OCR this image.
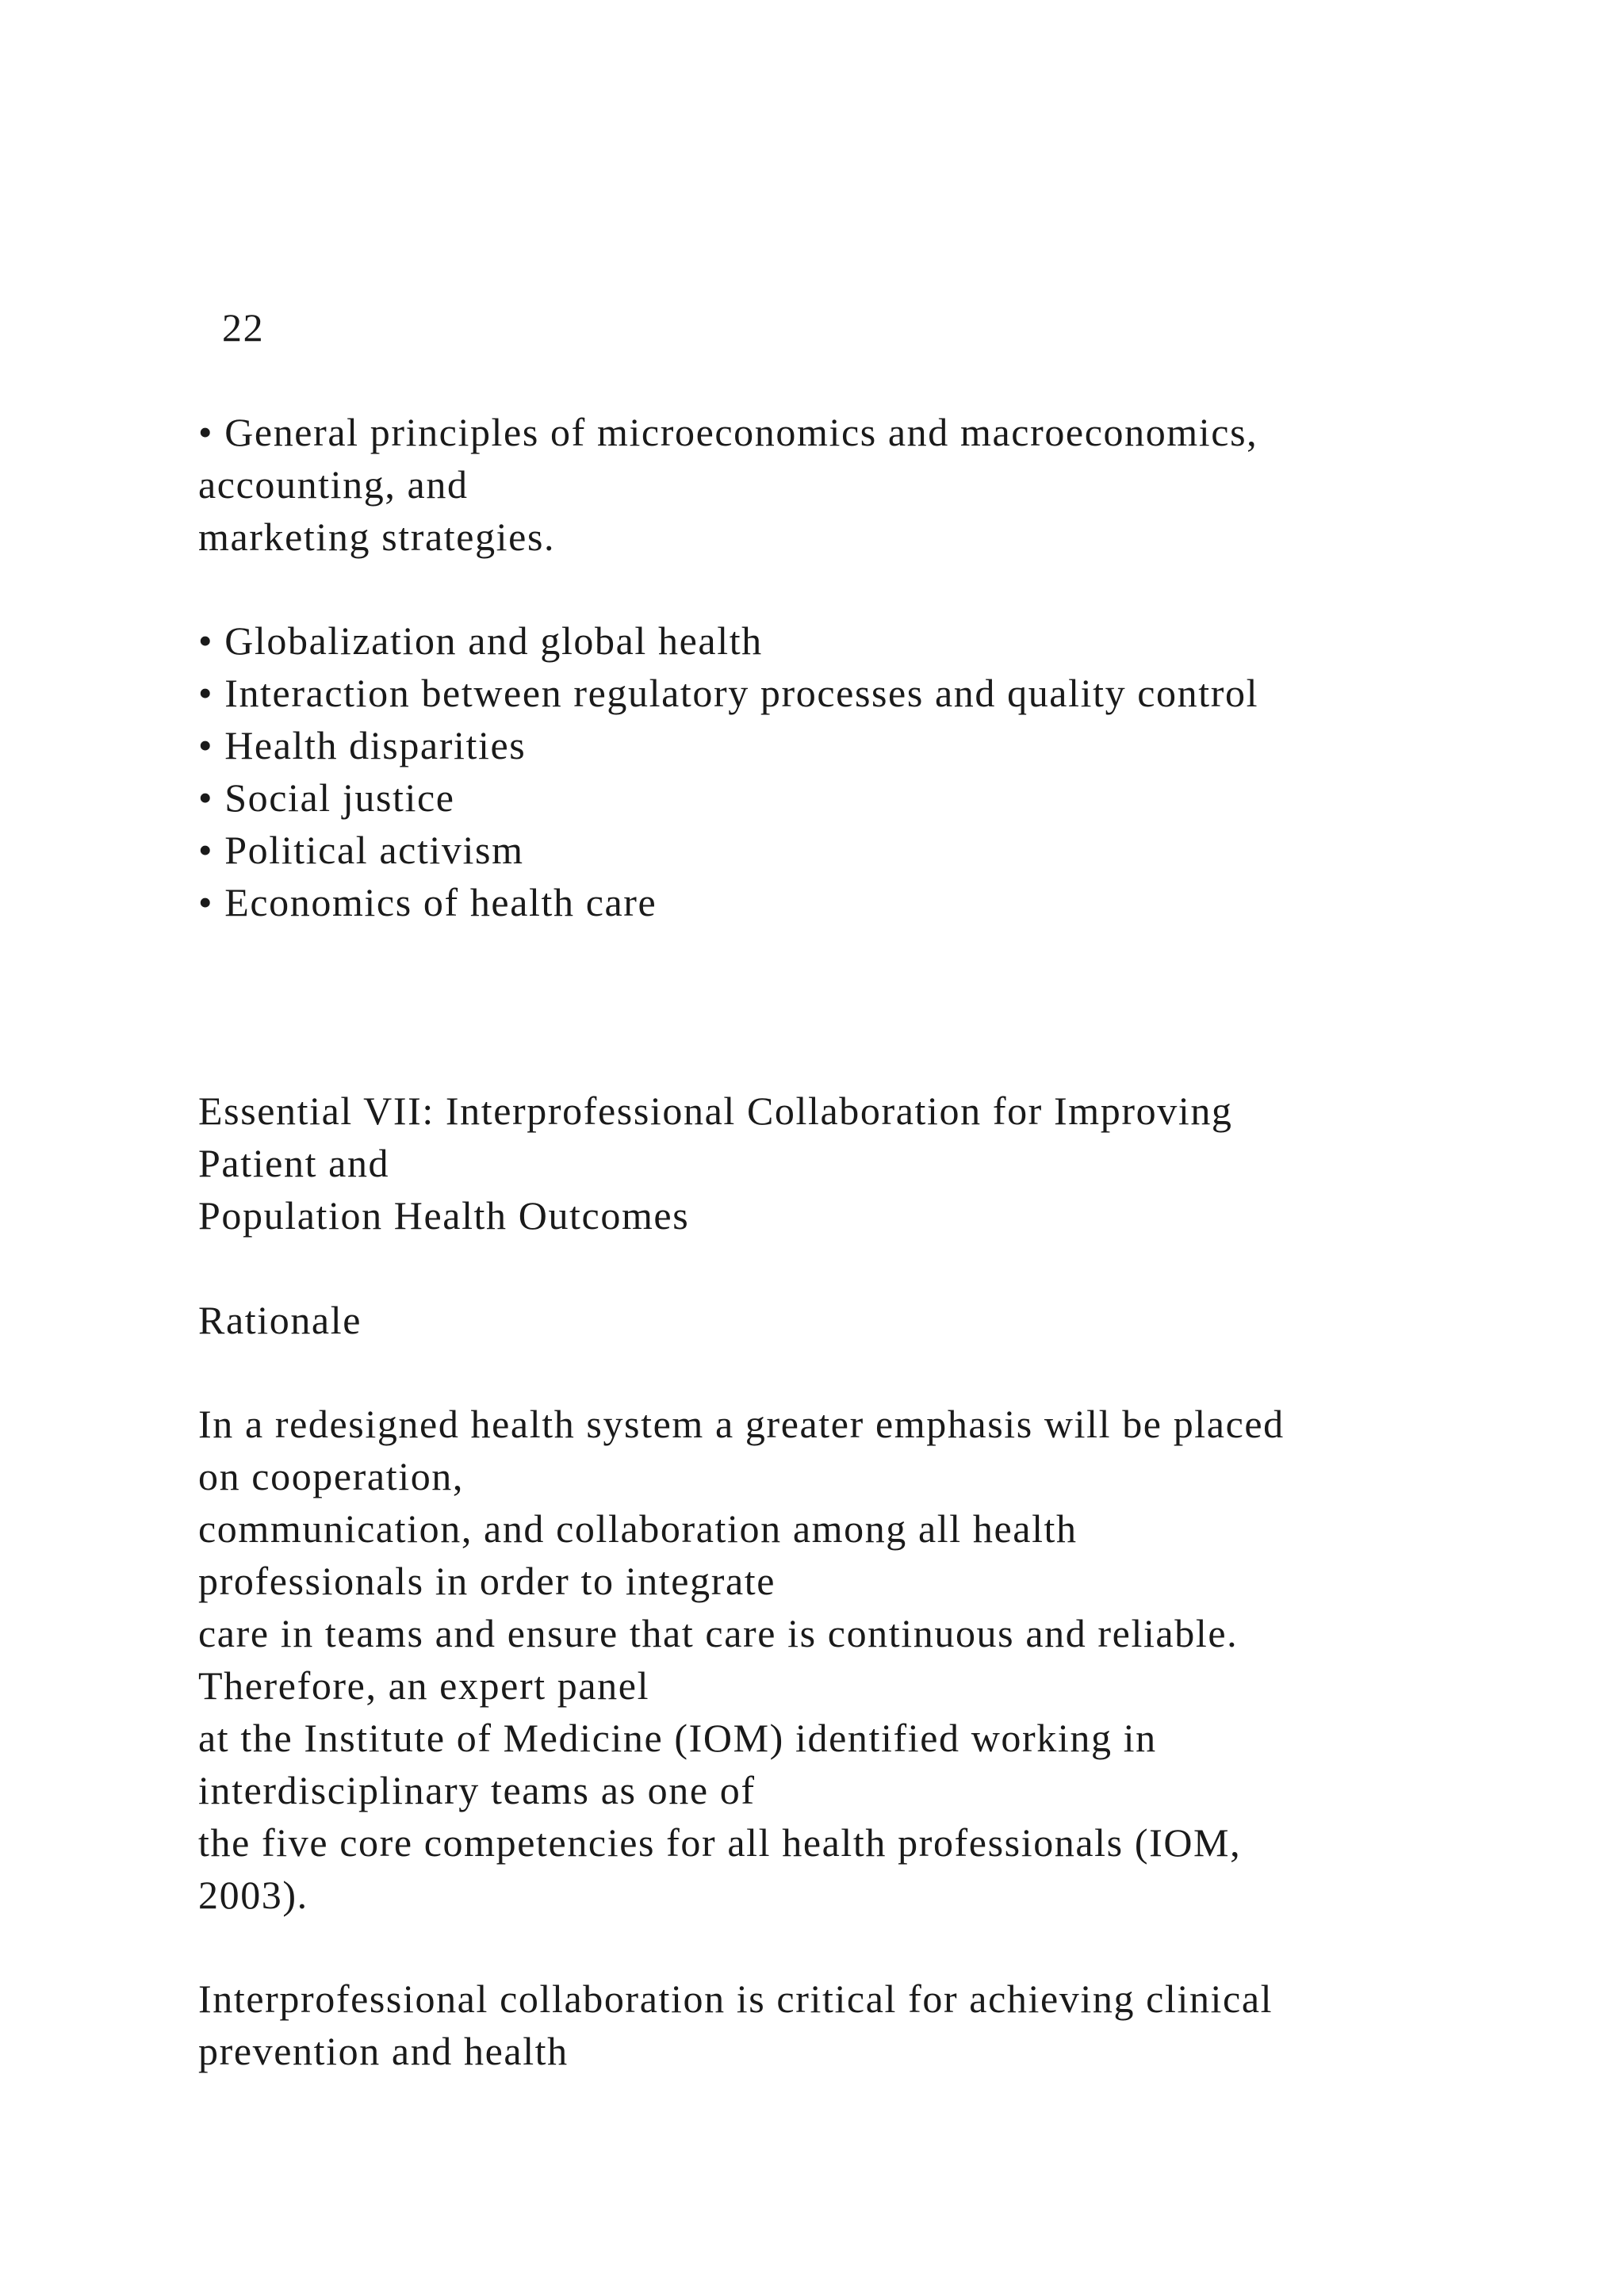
22
• General principles of microeconomics and macroeconomics,
accounting, and
marketing strategies.
• Globalization and global health
• Interaction between regulatory processes and quality control
• Health disparities
• Social justice
• Political activism
• Economics of health care
Essential VII: Interprofessional Collaboration for Improving
Patient and
Population Health Outcomes
Rationale
In a redesigned health system a greater emphasis will be placed
on cooperation,
communication, and collaboration among all health
professionals in order to integrate
care in teams and ensure that care is continuous and reliable.
Therefore, an expert panel
at the Institute of Medicine (IOM) identified working in
interdisciplinary teams as one of
the five core competencies for all health professionals (IOM,
2003).
Interprofessional collaboration is critical for achieving clinical
prevention and health
